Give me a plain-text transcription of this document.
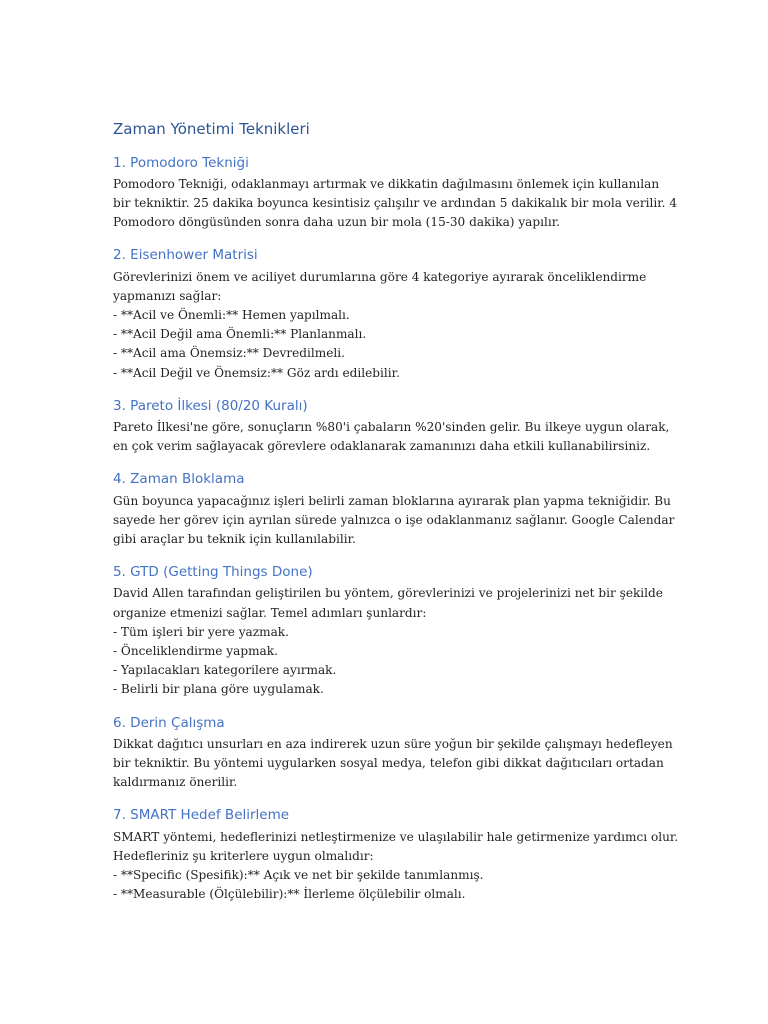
Zaman Yönetimi Teknikleri
1. Pomodoro Tekniği
Pomodoro Tekniği, odaklanmayı artırmak ve dikkatin dağılmasını önlemek için kullanılan
bir tekniktir. 25 dakika boyunca kesintisiz çalışılır ve ardından 5 dakikalık bir mola verilir. 4
Pomodoro döngüsünden sonra daha uzun bir mola (15-30 dakika) yapılır.
2. Eisenhower Matrisi
Görevlerinizi önem ve aciliyet durumlarına göre 4 kategoriye ayırarak önceliklendirme
yapmanızı sağlar:
- **Acil ve Önemli:** Hemen yapılmalı.
- **Acil Değil ama Önemli:** Planlanmalı.
- **Acil ama Önemsiz:** Devredilmeli.
- **Acil Değil ve Önemsiz:** Göz ardı edilebilir.
3. Pareto İlkesi (80/20 Kuralı)
Pareto İlkesi'ne göre, sonuçların %80'i çabaların %20'sinden gelir. Bu ilkeye uygun olarak,
en çok verim sağlayacak görevlere odaklanarak zamanınızı daha etkili kullanabilirsiniz.
4. Zaman Bloklama
Gün boyunca yapacağınız işleri belirli zaman bloklarına ayırarak plan yapma tekniğidir. Bu
sayede her görev için ayrılan sürede yalnızca o işe odaklanmanız sağlanır. Google Calendar
gibi araçlar bu teknik için kullanılabilir.
5. GTD (Getting Things Done)
David Allen tarafından geliştirilen bu yöntem, görevlerinizi ve projelerinizi net bir şekilde
organize etmenizi sağlar. Temel adımları şunlardır:
- Tüm işleri bir yere yazmak.
- Önceliklendirme yapmak.
- Yapılacakları kategorilere ayırmak.
- Belirli bir plana göre uygulamak.
6. Derin Çalışma
Dikkat dağıtıcı unsurları en aza indirerek uzun süre yoğun bir şekilde çalışmayı hedefleyen
bir tekniktir. Bu yöntemi uygularken sosyal medya, telefon gibi dikkat dağıtıcıları ortadan
kaldırmanız önerilir.
7. SMART Hedef Belirleme
SMART yöntemi, hedeflerinizi netleştirmenize ve ulaşılabilir hale getirmenize yardımcı olur.
Hedefleriniz şu kriterlere uygun olmalıdır:
- **Specific (Spesifik):** Açık ve net bir şekilde tanımlanmış.
- **Measurable (Ölçülebilir):** İlerleme ölçülebilir olmalı.
